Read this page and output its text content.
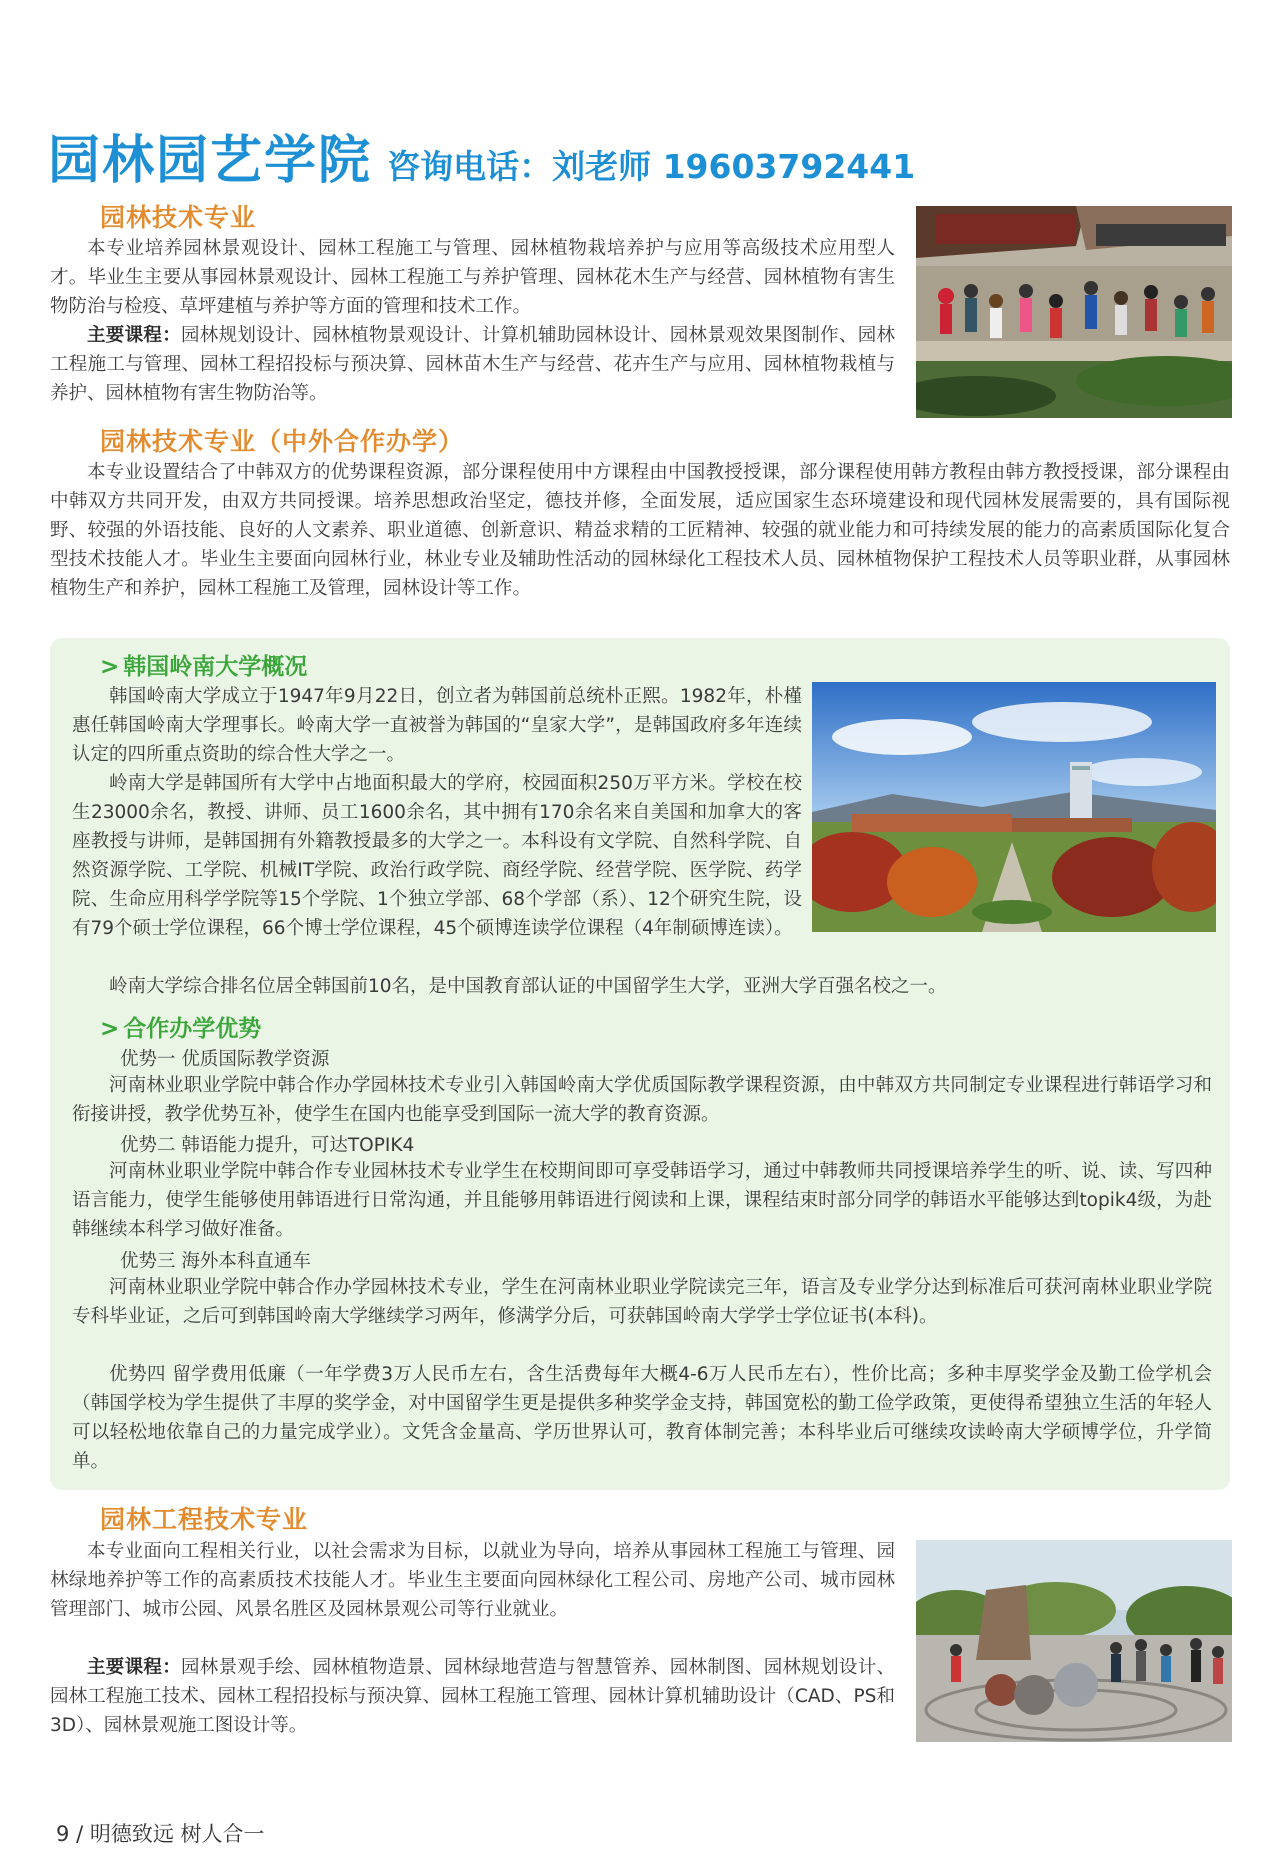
园林园艺学院 咨询电话：刘老师 19603792441
园林技术专业

本专业培养园林景观设计、园林工程施工与管理、园林植物栽培养护与应用等高级技术应用型人才。毕业生主要从事园林景观设计、园林工程施工与养护管理、园林花木生产与经营、园林植物有害生物防治与检疫、草坪建植与养护等方面的管理和技术工作。

主要课程：园林规划设计、园林植物景观设计、计算机辅助园林设计、园林景观效果图制作、园林工程施工与管理、园林工程招投标与预决算、园林苗木生产与经营、花卉生产与应用、园林植物栽植与养护、园林植物有害生物防治等。

园林技术专业（中外合作办学）

本专业设置结合了中韩双方的优势课程资源，部分课程使用中方课程由中国教授授课，部分课程使用韩方教程由韩方教授授课，部分课程由中韩双方共同开发，由双方共同授课。培养思想政治坚定，德技并修，全面发展，适应国家生态环境建设和现代园林发展需要的，具有国际视野、较强的外语技能、良好的人文素养、职业道德、创新意识、精益求精的工匠精神、较强的就业能力和可持续发展的能力的高素质国际化复合型技术技能人才。毕业生主要面向园林行业，林业专业及辅助性活动的园林绿化工程技术人员、园林植物保护工程技术人员等职业群，从事园林植物生产和养护，园林工程施工及管理，园林设计等工作。

> 韩国岭南大学概况

韩国岭南大学成立于1947年9月22日，创立者为韩国前总统朴正熙。1982年，朴槿惠任韩国岭南大学理事长。岭南大学一直被誉为韩国的“皇家大学”，是韩国政府多年连续认定的四所重点资助的综合性大学之一。

岭南大学是韩国所有大学中占地面积最大的学府，校园面积250万平方米。学校在校生23000余名，教授、讲师、员工1600余名，其中拥有170余名来自美国和加拿大的客座教授与讲师，是韩国拥有外籍教授最多的大学之一。本科设有文学院、自然科学院、自然资源学院、工学院、机械IT学院、政治行政学院、商经学院、经营学院、医学院、药学院、生命应用科学学院等15个学院、1个独立学部、68个学部（系）、12个研究生院，设有79个硕士学位课程，66个博士学位课程，45个硕博连读学位课程（4年制硕博连读）。

岭南大学综合排名位居全韩国前10名，是中国教育部认证的中国留学生大学，亚洲大学百强名校之一。

> 合作办学优势
优势一 优质国际教学资源

河南林业职业学院中韩合作办学园林技术专业引入韩国岭南大学优质国际教学课程资源，由中韩双方共同制定专业课程进行韩语学习和衔接讲授，教学优势互补，使学生在国内也能享受到国际一流大学的教育资源。

优势二 韩语能力提升，可达TOPIK4

河南林业职业学院中韩合作专业园林技术专业学生在校期间即可享受韩语学习，通过中韩教师共同授课培养学生的听、说、读、写四种语言能力，使学生能够使用韩语进行日常沟通，并且能够用韩语进行阅读和上课，课程结束时部分同学的韩语水平能够达到topik4级，为赴韩继续本科学习做好准备。

优势三 海外本科直通车

河南林业职业学院中韩合作办学园林技术专业，学生在河南林业职业学院读完三年，语言及专业学分达到标准后可获河南林业职业学院专科毕业证，之后可到韩国岭南大学继续学习两年，修满学分后，可获韩国岭南大学学士学位证书(本科)。

优势四 留学费用低廉（一年学费3万人民币左右，含生活费每年大概4-6万人民币左右），性价比高；多种丰厚奖学金及勤工俭学机会（韩国学校为学生提供了丰厚的奖学金，对中国留学生更是提供多种奖学金支持，韩国宽松的勤工俭学政策，更使得希望独立生活的年轻人可以轻松地依靠自己的力量完成学业）。文凭含金量高、学历世界认可，教育体制完善；本科毕业后可继续攻读岭南大学硕博学位，升学简单。

园林工程技术专业

本专业面向工程相关行业，以社会需求为目标，以就业为导向，培养从事园林工程施工与管理、园林绿地养护等工作的高素质技术技能人才。毕业生主要面向园林绿化工程公司、房地产公司、城市园林管理部门、城市公园、风景名胜区及园林景观公司等行业就业。

主要课程：园林景观手绘、园林植物造景、园林绿地营造与智慧管养、园林制图、园林规划设计、园林工程施工技术、园林工程招投标与预决算、园林工程施工管理、园林计算机辅助设计（CAD、PS和3D）、园林景观施工图设计等。

9 / 明德致远 树人合一
